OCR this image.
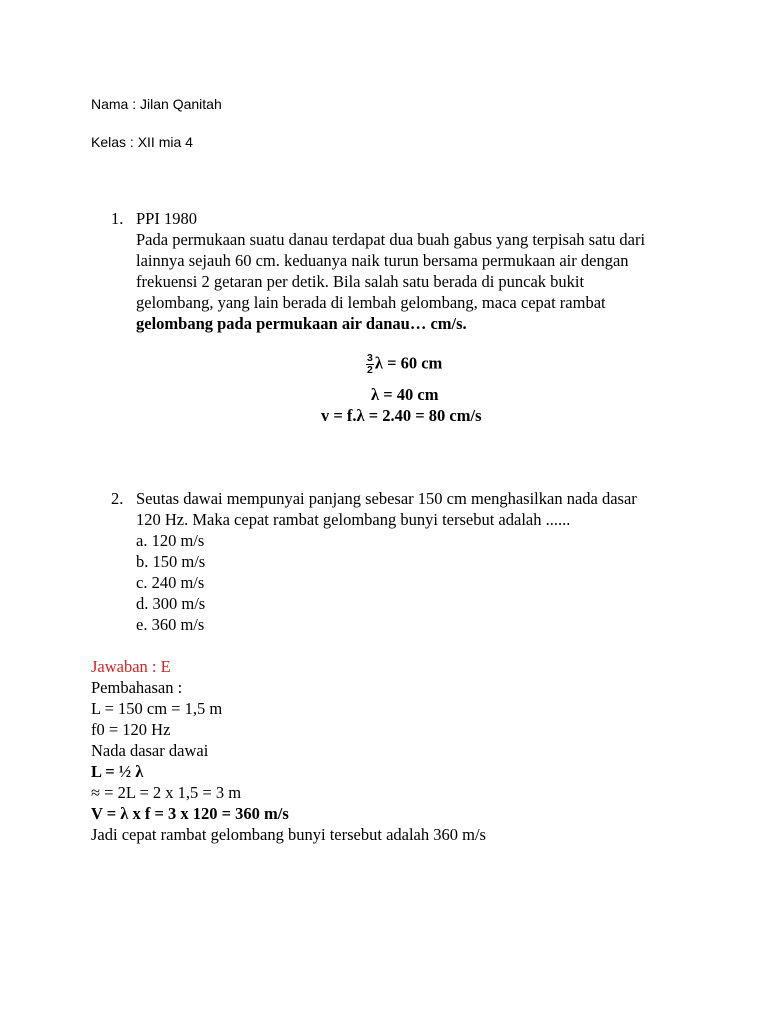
Nama : Jilan Qanitah
Kelas : XII mia 4
1. PPI 1980
Pada permukaan suatu danau terdapat dua buah gabus yang terpisah satu dari
lainnya sejauh 60 cm. keduanya naik turun bersama permukaan air dengan
frekuensi 2 getaran per detik. Bila salah satu berada di puncak bukit
gelombang, yang lain berada di lembah gelombang, maca cepat rambat
gelombang pada permukaan air danau… cm/s.
$\frac{3}{2}$ λ = 60 cm
λ = 40 cm
v = f.λ = 2.40 = 80 cm/s
2. Seutas dawai mempunyai panjang sebesar 150 cm menghasilkan nada dasar
120 Hz. Maka cepat rambat gelombang bunyi tersebut adalah ......
a. 120 m/s
b. 150 m/s
c. 240 m/s
d. 300 m/s
e. 360 m/s
Jawaban : E
Pembahasan :
L = 150 cm = 1,5 m
f0 = 120 Hz
Nada dasar dawai
L = ½ λ
≈ = 2L = 2 x 1,5 = 3 m
V = λ x f = 3 x 120 = 360 m/s
Jadi cepat rambat gelombang bunyi tersebut adalah 360 m/s
